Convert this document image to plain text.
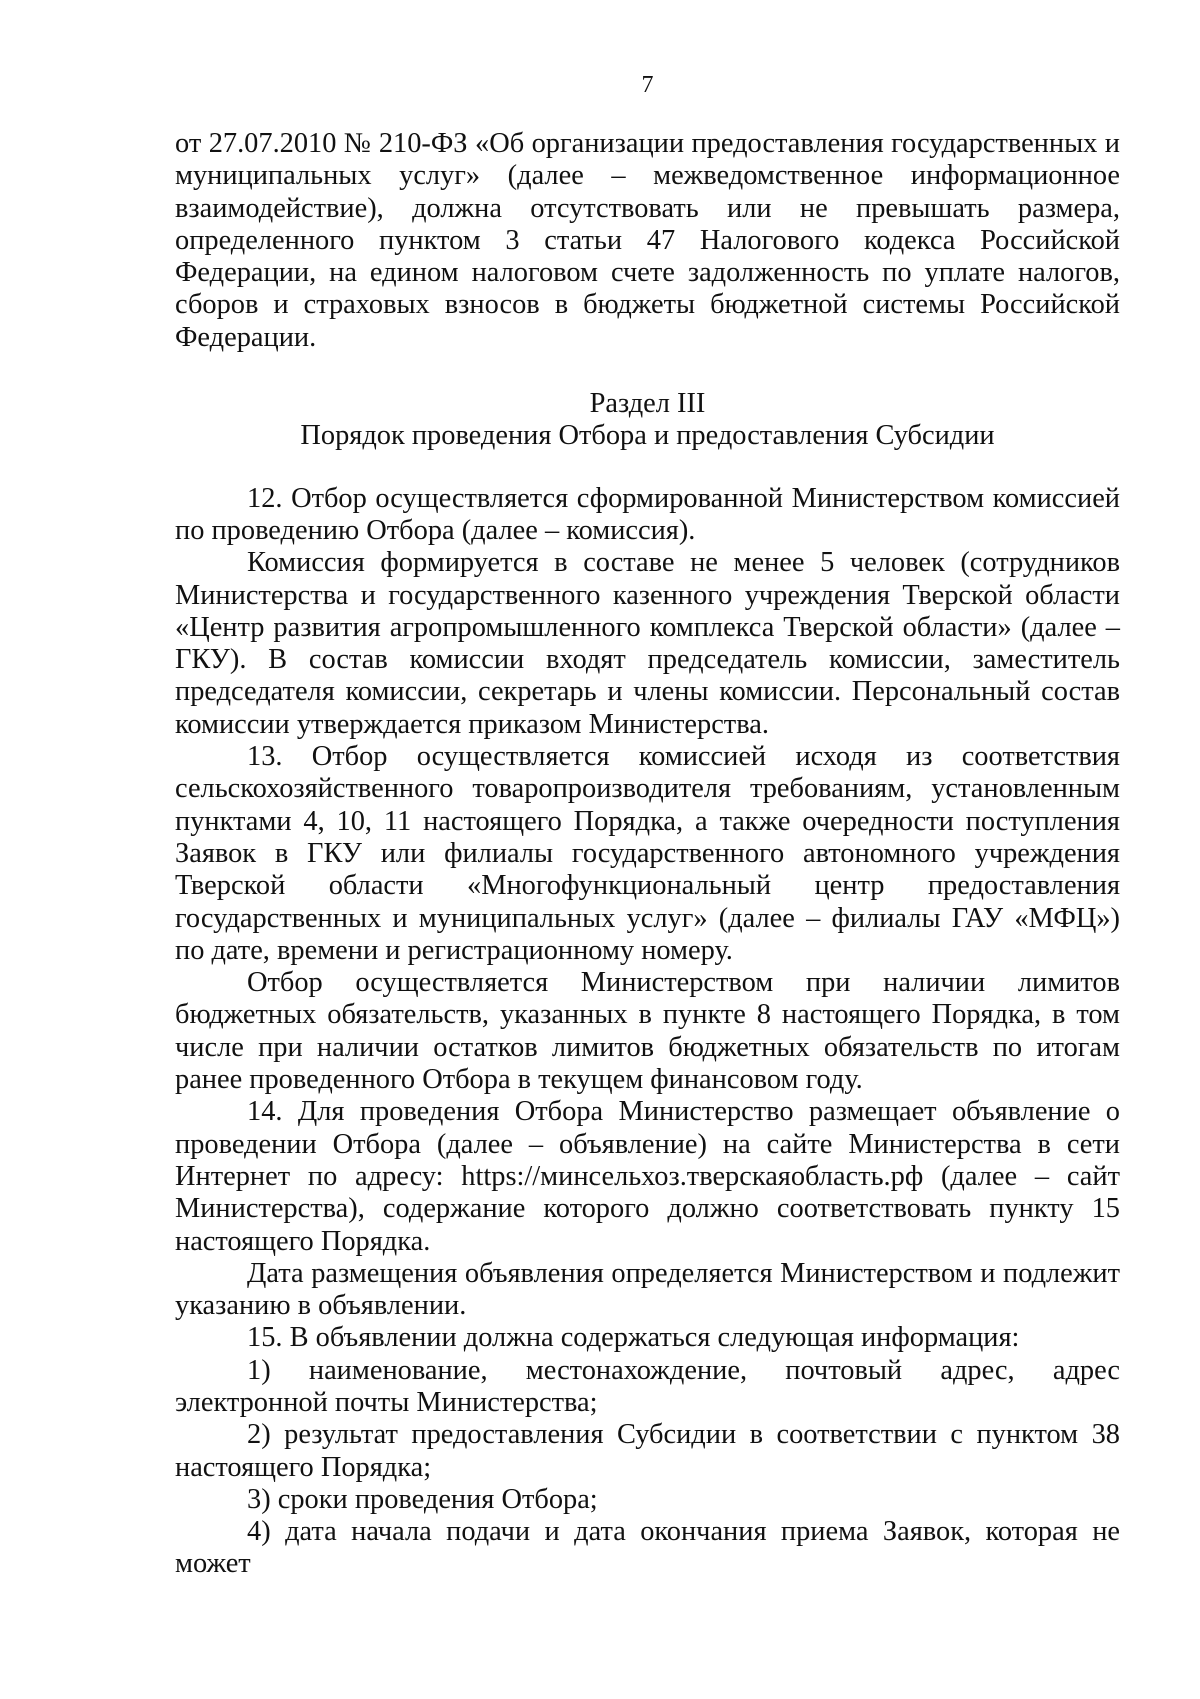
7

от 27.07.2010 № 210-ФЗ «Об организации предоставления государственных и муниципальных услуг» (далее – межведомственное информационное взаимодействие), должна отсутствовать или не превышать размера, определенного пунктом 3 статьи 47 Налогового кодекса Российской Федерации, на едином налоговом счете задолженность по уплате налогов, сборов и страховых взносов в бюджеты бюджетной системы Российской Федерации.

Раздел III

Порядок проведения Отбора и предоставления Субсидии

12. Отбор осуществляется сформированной Министерством комиссией по проведению Отбора (далее – комиссия).

Комиссия формируется в составе не менее 5 человек (сотрудников Министерства и государственного казенного учреждения Тверской области «Центр развития агропромышленного комплекса Тверской области» (далее – ГКУ). В состав комиссии входят председатель комиссии, заместитель председателя комиссии, секретарь и члены комиссии. Персональный состав комиссии утверждается приказом Министерства.

13. Отбор осуществляется комиссией исходя из соответствия сельскохозяйственного товаропроизводителя требованиям, установленным пунктами 4, 10, 11 настоящего Порядка, а также очередности поступления Заявок в ГКУ или филиалы государственного автономного учреждения Тверской области «Многофункциональный центр предоставления государственных и муниципальных услуг» (далее – филиалы ГАУ «МФЦ») по дате, времени и регистрационному номеру.

Отбор осуществляется Министерством при наличии лимитов бюджетных обязательств, указанных в пункте 8 настоящего Порядка, в том числе при наличии остатков лимитов бюджетных обязательств по итогам ранее проведенного Отбора в текущем финансовом году.

14. Для проведения Отбора Министерство размещает объявление о проведении Отбора (далее – объявление) на сайте Министерства в сети Интернет по адресу: https://минсельхоз.тверскаяобласть.рф (далее – сайт Министерства), содержание которого должно соответствовать пункту 15 настоящего Порядка.

Дата размещения объявления определяется Министерством и подлежит указанию в объявлении.

15. В объявлении должна содержаться следующая информация:

1) наименование, местонахождение, почтовый адрес, адрес электронной почты Министерства;

2) результат предоставления Субсидии в соответствии с пунктом 38 настоящего Порядка;

3) сроки проведения Отбора;

4) дата начала подачи и дата окончания приема Заявок, которая не может
